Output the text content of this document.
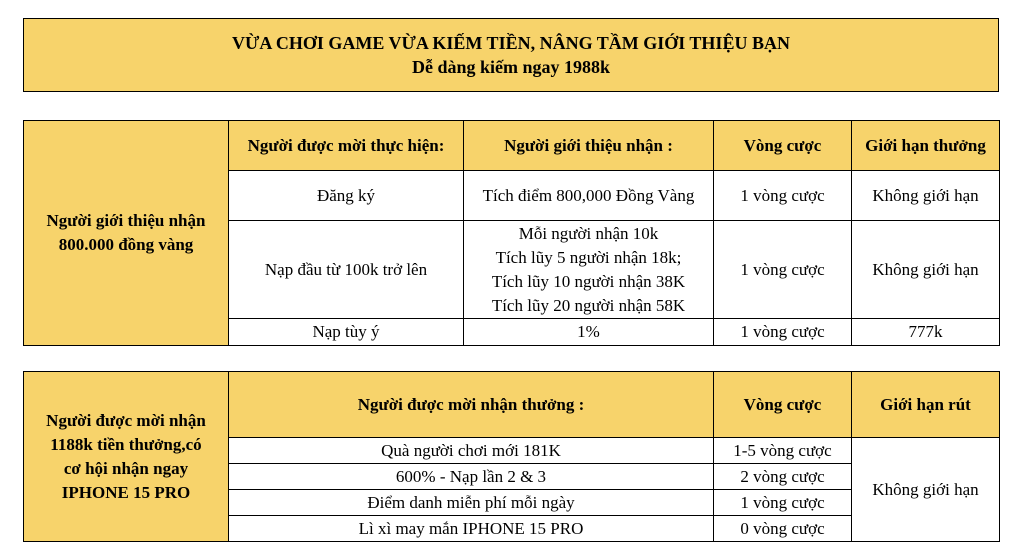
VỪA CHƠI GAME VỪA KIẾM TIỀN, NÂNG TẦM GIỚI THIỆU BẠN
Dễ dàng kiếm ngay 1988k
Người giới thiệu nhận
800.000 đồng vàng	Người được mời thực hiện:	Người giới thiệu nhận :	Vòng cược	Giới hạn thưởng
	Đăng ký	Tích điểm 800,000 Đồng Vàng	1 vòng cược	Không giới hạn
	Nạp đầu từ 100k trở lên	Mỗi người nhận 10k
Tích lũy 5 người nhận 18k;
Tích lũy 10 người nhận 38K
Tích lũy 20 người nhận 58K	1 vòng cược	Không giới hạn
	Nạp tùy ý	1%	1 vòng cược	777k
Người được mời nhận
1188k tiền thưởng,có
cơ hội nhận ngay
IPHONE 15 PRO	Người được mời nhận thưởng :	Vòng cược	Giới hạn rút
	Quà người chơi mới 181K	1-5 vòng cược	Không giới hạn
	600% - Nạp lần 2 & 3	2 vòng cược	
	Điểm danh miễn phí mỗi ngày	1 vòng cược	
	Lì xì may mắn IPHONE 15 PRO	0 vòng cược	
